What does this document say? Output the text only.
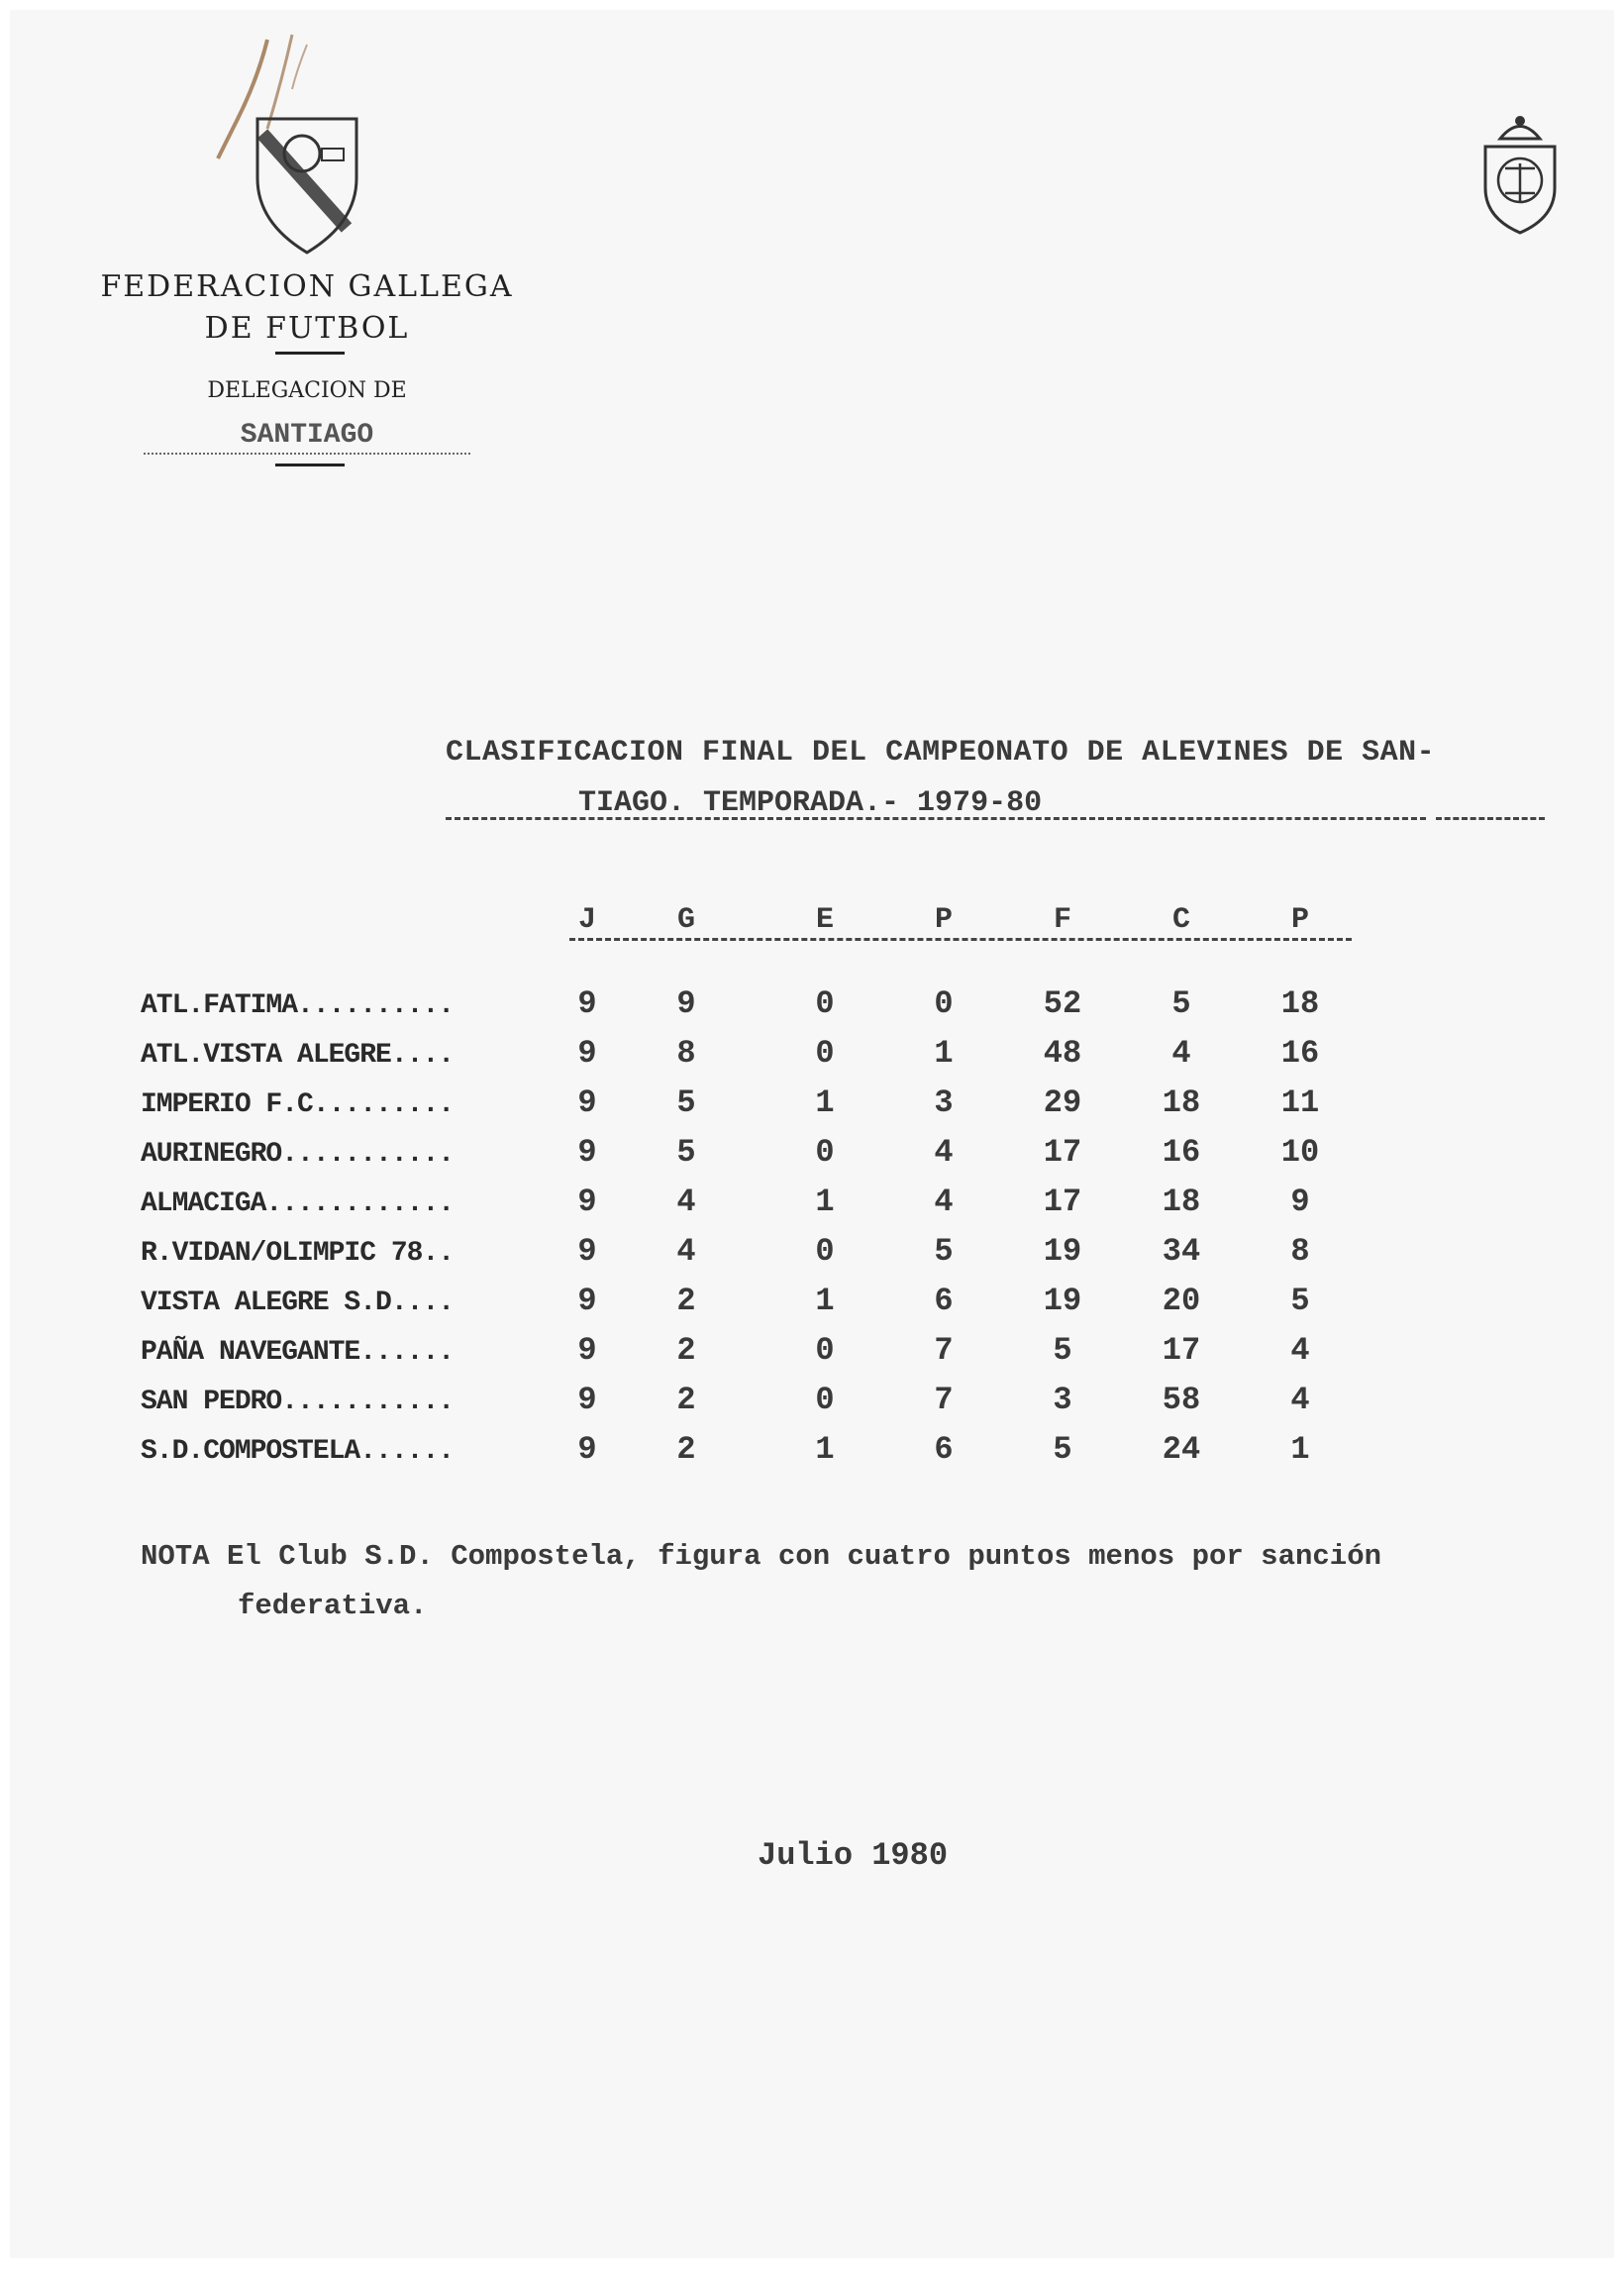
FEDERACION GALLEGA
DE FUTBOL
DELEGACION DE
SANTIAGO
CLASIFICACION FINAL DEL CAMPEONATO DE ALEVINES DE SAN-
TIAGO. TEMPORADA.- 1979-80
J	G	E	P	F	C	P
ATL.FATIMA..........	9	9	0	0	52	5	18
ATL.VISTA ALEGRE....	9	8	0	1	48	4	16
IMPERIO F.C.........	9	5	1	3	29	18	11
AURINEGRO...........	9	5	0	4	17	16	10
ALMACIGA............	9	4	1	4	17	18	9
R.VIDAN/OLIMPIC 78..	9	4	0	5	19	34	8
VISTA ALEGRE S.D....	9	2	1	6	19	20	5
PAÑA NAVEGANTE......	9	2	0	7	5	17	4
SAN PEDRO...........	9	2	0	7	3	58	4
S.D.COMPOSTELA......	9	2	1	6	5	24	1
NOTA El Club S.D. Compostela, figura con cuatro puntos menos por sanción
federativa.
Julio 1980
